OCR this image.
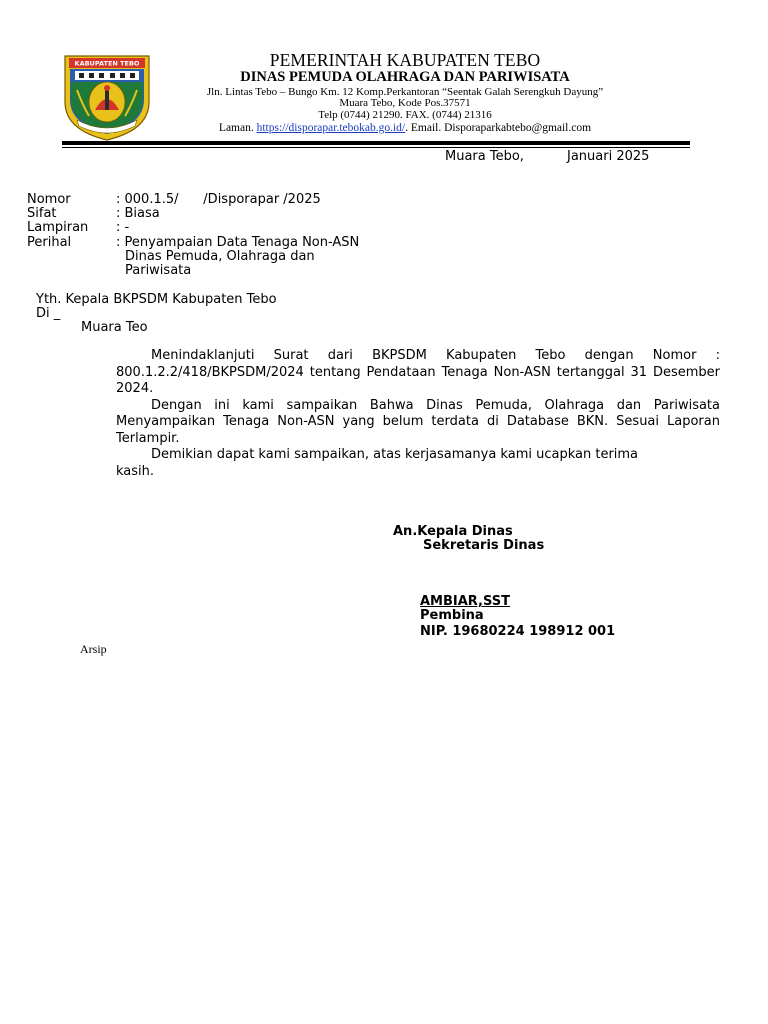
KABUPATEN TEBO	PEMERINTAH KABUPATEN TEBO
DINAS PEMUDA OLAHRAGA DAN PARIWISATA
Jln. Lintas Tebo – Bungo Km. 12 Komp.Perkantoran “Seentak Galah Serengkuh Dayung”
Muara Tebo, Kode Pos.37571
Telp (0744) 21290. FAX. (0744) 21316
Laman. https://disporapar.tebokab.go.id/. Email. Disporaparkabtebo@gmail.com
Muara Tebo,	Januari 2025
Nomor	: 000.1.5/      /Disporapar /2025
Sifat	: Biasa
Lampiran : -
Perihal	: Penyampaian Data Tenaga Non-ASN
Dinas Pemuda, Olahraga dan
Pariwisata
Yth. Kepala BKPSDM Kabupaten Tebo
Di _
Muara Teo

Menindaklanjuti Surat dari BKPSDM Kabupaten Tebo dengan Nomor : 800.1.2.2/418/BKPSDM/2024 tentang Pendataan Tenaga Non-ASN tertanggal 31 Desember 2024.

Dengan ini kami sampaikan Bahwa Dinas Pemuda, Olahraga dan Pariwisata Menyampaikan Tenaga Non-ASN yang belum terdata di Database BKN. Sesuai Laporan Terlampir.

Demikian dapat kami sampaikan, atas kerjasamanya kami ucapkan terima

kasih.

An.Kepala Dinas
Sekretaris Dinas
AMBIAR,SST
Pembina
NIP. 19680224 198912 001
Arsip
